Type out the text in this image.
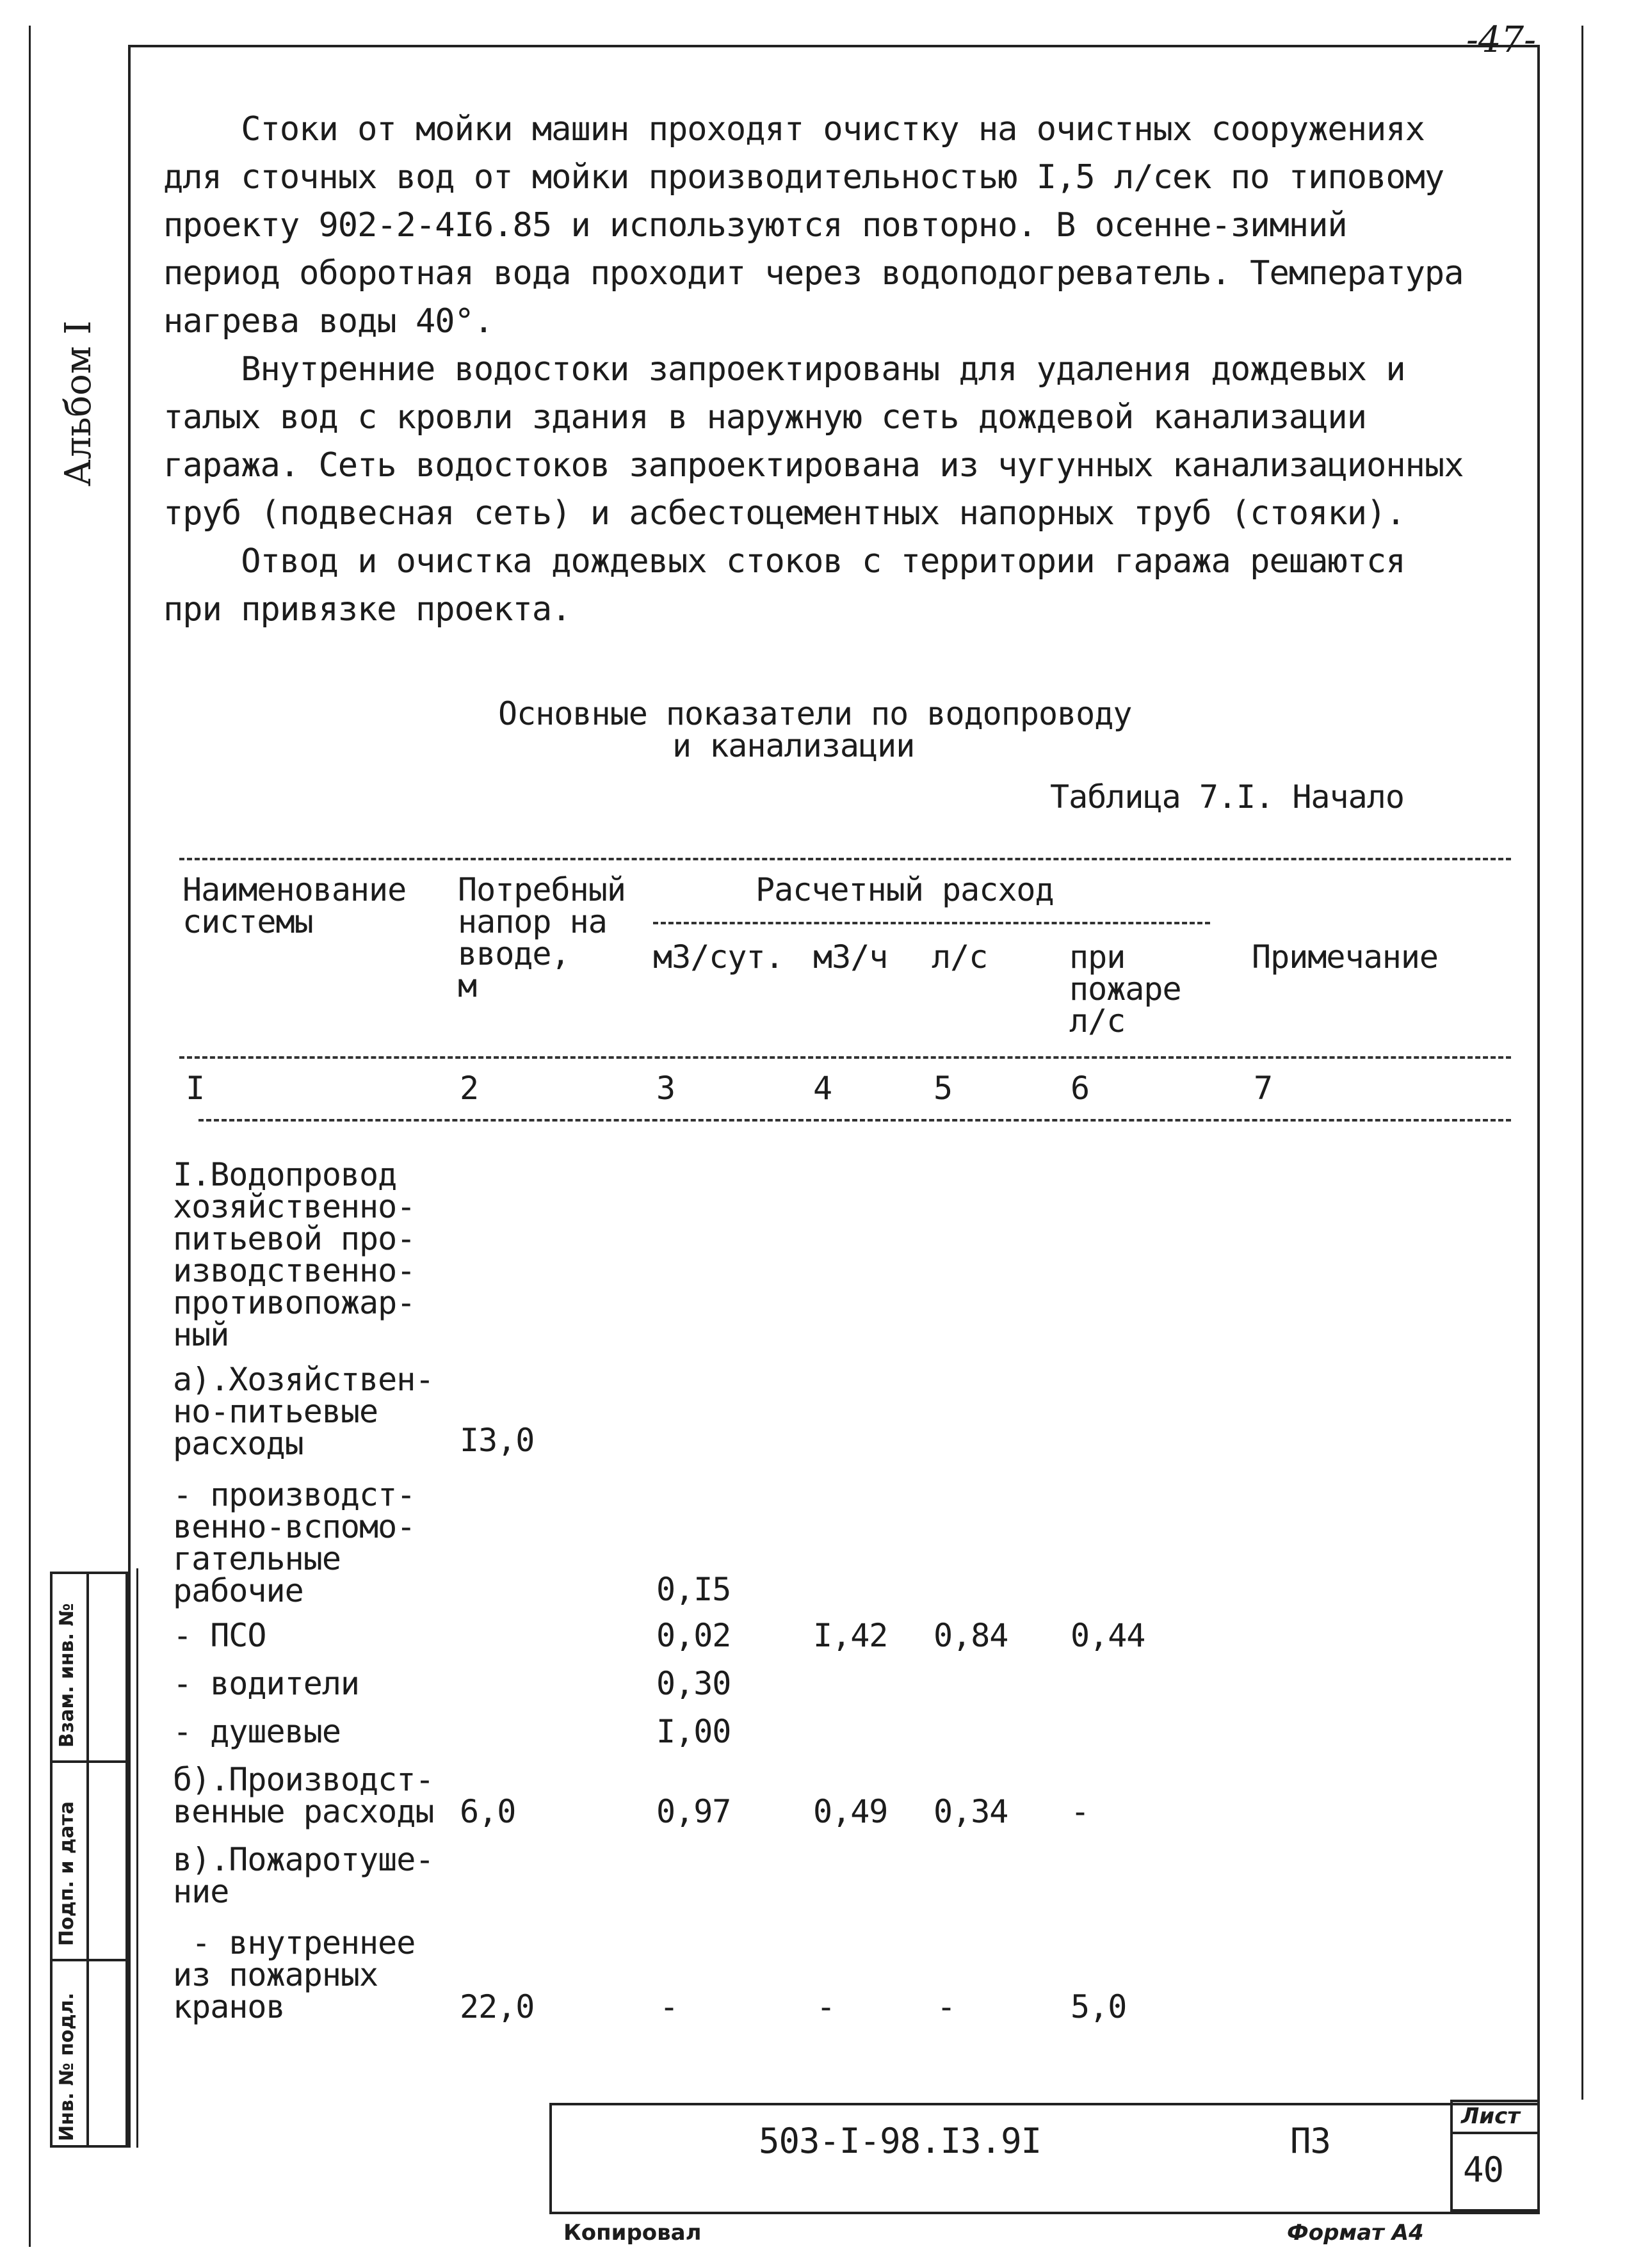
-47-
Альбом I
Стоки от мойки машин проходят очистку на очистных сооружениях
для сточных вод от мойки производительностью I,5 л/сек по типовому
проекту 902-2-4I6.85 и используются повторно. В осенне-зимний
период оборотная вода проходит через водоподогреватель. Температура
нагрева воды 40°.
Внутренние водостоки запроектированы для удаления дождевых и
талых вод с кровли здания в наружную сеть дождевой канализации
гаража. Сеть водостоков запроектирована из чугунных канализационных
труб (подвесная сеть) и асбестоцементных напорных труб (стояки).
Отвод и очистка дождевых стоков с территории гаража решаются
при привязке проекта.
Основные показатели по водопроводу
и канализации
Таблица 7.I. Начало
Наименование
системы
Потребный
напор на
вводе,
м
Расчетный расход
м3/сут. м3/ч л/с	при
пожаре
л/с
Примечание
I	2	3	4	5	6	7
I.Водопровод
хозяйственно-
питьевой про-
изводственно-
противопожар-
ный
а).Хозяйствен-
но-питьевые
расходы	I3,0
- производст-
венно-вспомо-
гательные
рабочие	0,I5
- ПСО	0,02	I,42 0,84 0,44
- водители	0,30
- душевые	I,00
б).Производст-
венные расходы 6,0	0,97	0,49 0,34 -
в).Пожаротуше-
ние
- внутреннее
из пожарных
кранов	22,0	-	-	-	5,0
Взам. инв. №
Подп. и дата
Инв. № подл.	503-I-98.I3.9I	ПЗ
Лист
40
Копировал	Формат А4
